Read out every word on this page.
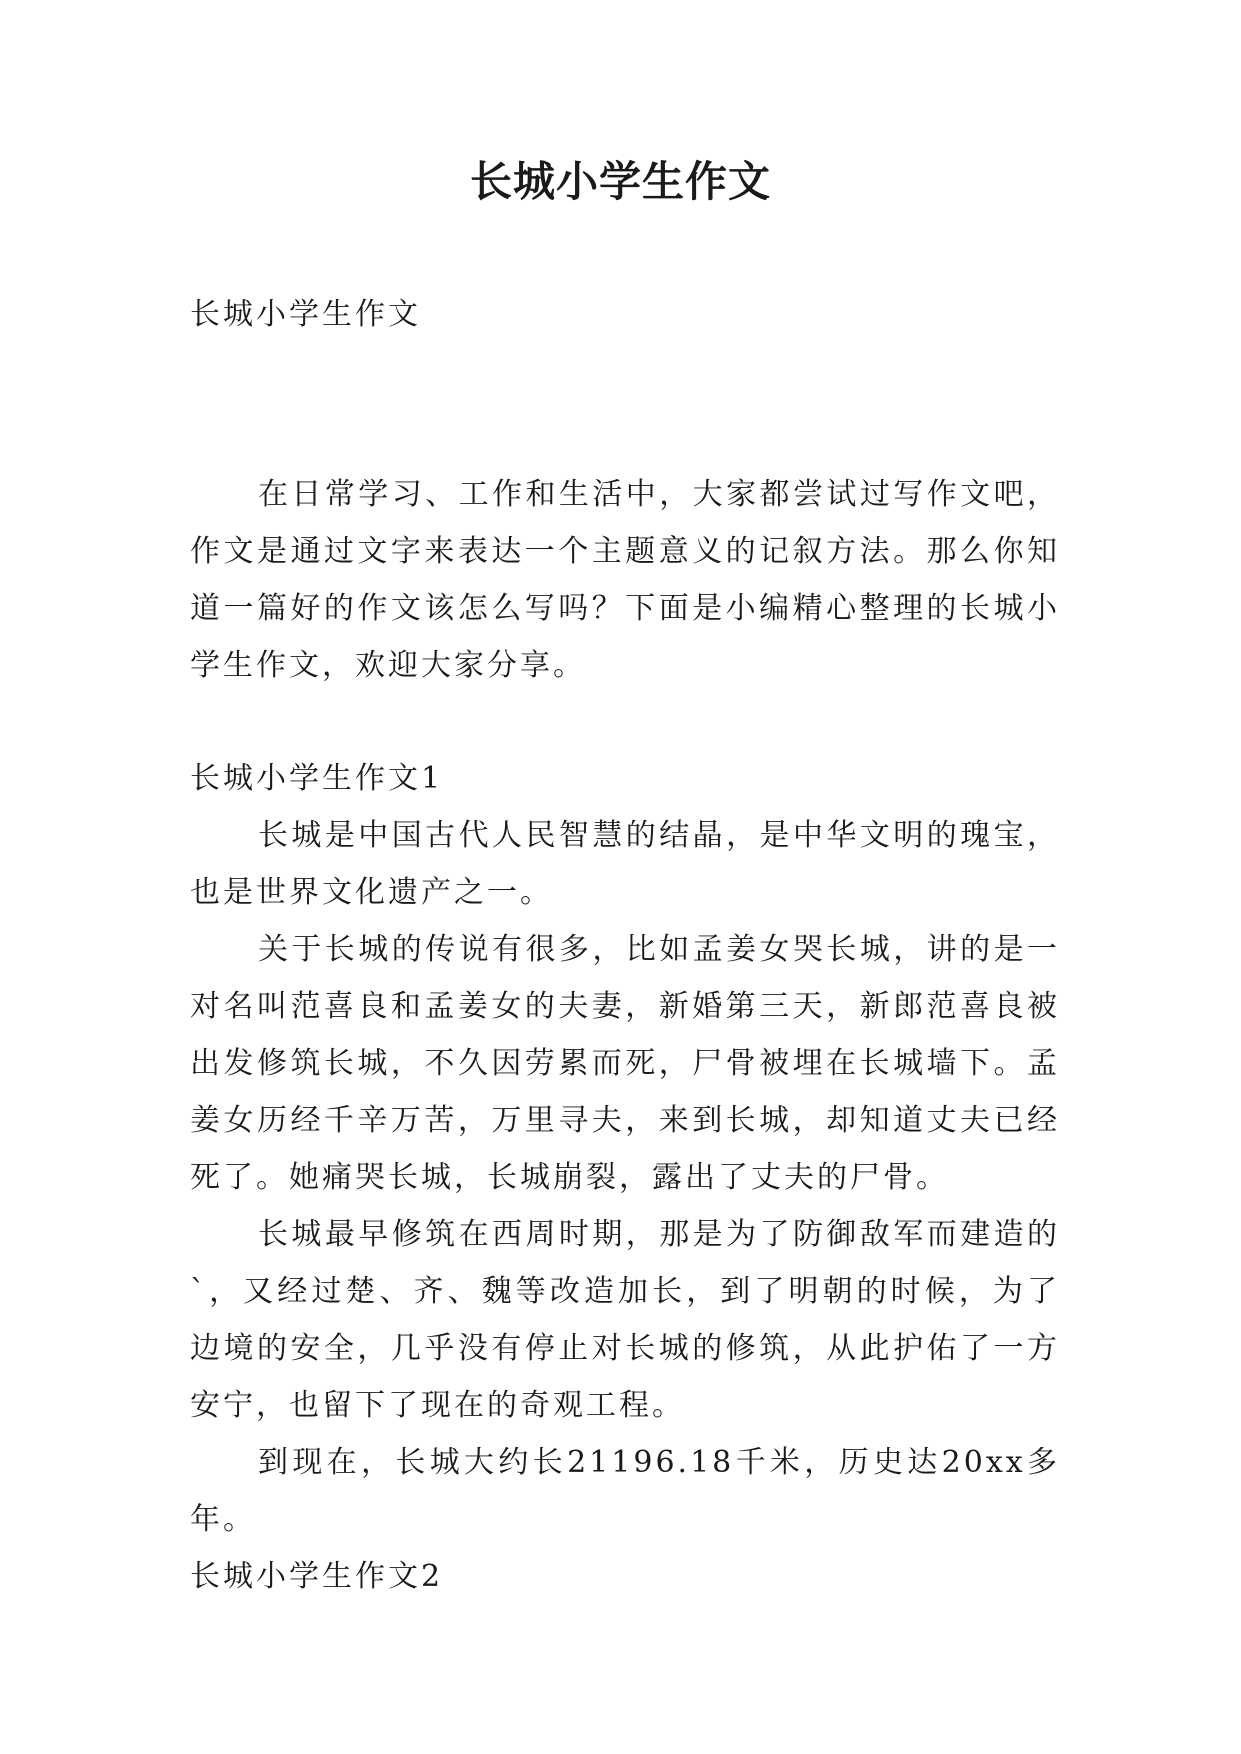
长城小学生作文

长城小学生作文

在日常学习、工作和生活中，大家都尝试过写作文吧，作文是通过文字来表达一个主题意义的记叙方法。那么你知道一篇好的作文该怎么写吗？下面是小编精心整理的长城小学生作文，欢迎大家分享。

长城小学生作文1

长城是中国古代人民智慧的结晶，是中华文明的瑰宝，也是世界文化遗产之一。

关于长城的传说有很多，比如孟姜女哭长城，讲的是一对名叫范喜良和孟姜女的夫妻，新婚第三天，新郎范喜良被出发修筑长城，不久因劳累而死，尸骨被埋在长城墙下。孟姜女历经千辛万苦，万里寻夫，来到长城，却知道丈夫已经死了。她痛哭长城，长城崩裂，露出了丈夫的尸骨。

长城最早修筑在西周时期，那是为了防御敌军而建造的`，又经过楚、齐、魏等改造加长，到了明朝的时候，为了边境的安全，几乎没有停止对长城的修筑，从此护佑了一方安宁，也留下了现在的奇观工程。

到现在，长城大约长21196.18千米，历史达20xx多年。

长城小学生作文2
